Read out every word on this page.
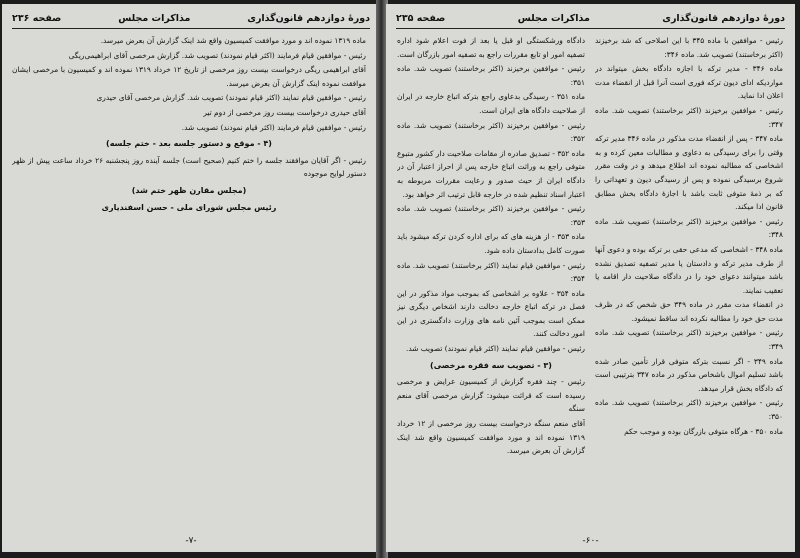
دورهٔ دوازدهم قانون‌گذاری
مذاکرات مجلس
صفحه ۲۳۶

ماده ۱۳۱۹ نموده اند و مورد موافقت کمیسیون واقع شد اینک گزارش آن بعرض میرسد.

رئیس - موافقین قیام فرمایند (اکثر قیام نمودند) تصویب شد. گزارش مرخصی آقای ابراهیمی‌ریگی

آقای ابراهیمی ریگی درخواست بیست روز مرخصی از تاریخ ۱۲ خرداد ۱۳۱۹ نموده اند و کمیسیون با مرخصی ایشان موافقت نموده اینک گزارش آن بعرض میرسد.

رئیس - موافقین قیام نمایند (اکثر قیام نمودند) تصویب شد. گزارش مرخصی آقای حیدری

آقای حیدری درخواست بیست روز مرخصی از دوم تیر

رئیس - موافقین قیام فرمایند (اکثر قیام نمودند) تصویب شد.

(۴ - موقع و دستور جلسه بعد - ختم جلسه)

رئیس - اگر آقایان موافقند جلسه را ختم کنیم (صحیح است) جلسه آینده روز پنجشنبه ۲۶ خرداد ساعت پیش از ظهر دستور لوایح موجوده

(مجلس مقارن ظهر ختم شد)

رئیس مجلس شورای ملی - حسن اسفندیاری

-۷-
دورهٔ دوازدهم قانون‌گذاری
مذاکرات مجلس
صفحه ۲۳۵

رئیس - موافقین با ماده ۳۴۵ با این اصلاحی که شد برخیزند (اکثر برخاستند) تصویب شد. ماده ۳۴۶:

ماده ۳۴۶ - مدیر ترکه با اجازه دادگاه بخش میتواند در مواردیکه ادای دیون ترکه فوری است آنرا قبل از انقضاء مدت اعلان ادا نماید.

رئیس - موافقین برخیزند (اکثر برخاستند) تصویب شد. ماده ۳۴۷:

ماده ۳۴۷ - پس از انقضاء مدت مذکور در ماده ۳۴۶ مدیر ترکه وقتی را برای رسیدگی به دعاوی و مطالبات معین کرده و به اشخاصی که مطالبه نموده اند اطلاع میدهد و در وقت مقرر شروع برسیدگی نموده و پس از رسیدگی دیون و تعهداتی را که بر ذمهٔ متوفی ثابت باشد با اجازهٔ دادگاه بخش مطابق قانون ادا میکند.

رئیس - موافقین برخیزند (اکثر برخاستند) تصویب شد. ماده ۳۴۸:

ماده ۳۴۸ - اشخاصی که مدعی حقی بر ترکه بوده و دعوی آنها از طرف مدیر ترکه و دادستان یا مدیر تصفیه تصدیق نشده باشد میتوانند دعوای خود را در دادگاه صلاحیت دار اقامه یا تعقیب نمایند.

در انقضاء مدت مقرر در ماده ۳۴۹ حق شخص که در ظرف مدت حق خود را مطالبه نکرده اند ساقط نمیشود.

رئیس - موافقین برخیزند (اکثر برخاستند) تصویب شد. ماده ۳۴۹:

ماده ۳۴۹ - اگر نسبت بترکه متوفی قرار تأمین صادر شده باشد تسلیم اموال باشخاص مذکور در ماده ۳۴۷ بترتیبی است که دادگاه بخش قرار میدهد.

رئیس - موافقین برخیزند (اکثر برخاستند) تصویب شد. ماده ۳۵۰:

ماده ۳۵۰ - هرگاه متوفی بازرگان بوده و موجب حکم

دادگاه ورشکستگی او قبل یا بعد از فوت اعلام شود اداره تصفیه امور او تابع مقررات راجع به تصفیه امور بازرگان است.

رئیس - موافقین برخیزند (اکثر برخاستند) تصویب شد. ماده ۳۵۱:

ماده ۳۵۱ - رسیدگی بدعاوی راجع بترکه اتباع خارجه در ایران از صلاحیت دادگاه های ایران است.

رئیس - موافقین برخیزند (اکثر برخاستند) تصویب شد. ماده ۳۵۲:

ماده ۳۵۲ - تصدیق صادره از مقامات صلاحیت دار کشور متبوع متوفی راجع به وراثت اتباع خارجه پس از احراز اعتبار آن در دادگاه ایران از حیث صدور و رعایت مقررات مربوطه به اعتبار اسناد تنظیم شده در خارجه قابل ترتیب اثر خواهد بود.

رئیس - موافقین برخیزند (اکثر برخاستند) تصویب شد. ماده ۳۵۳:

ماده ۳۵۳ - از هزینه های که برای اداره کردن ترکه میشود باید صورت کامل بدادستان داده شود.

رئیس - موافقین قیام نمایند (اکثر برخاستند) تصویب شد. ماده ۳۵۴:

ماده ۳۵۴ - علاوه بر اشخاصی که بموجب مواد مذکور در این فصل در ترکه اتباع خارجه دخالت دارند اشخاص دیگری نیز ممکن است بموجب آئین نامه های وزارت دادگستری در این امور دخالت کنند.

رئیس - موافقین قیام نمایند (اکثر قیام نمودند) تصویب شد.

(۳ - تصویب سه فقره مرخصی)

رئیس - چند فقره گزارش از کمیسیون عرایض و مرخصی رسیده است که قرائت میشود: گزارش مرخصی آقای منعم سنگه

آقای منعم سنگه درخواست بیست روز مرخصی از ۱۲ خرداد ۱۳۱۹ نموده اند و مورد موافقت کمیسیون واقع شد اینک گزارش آن بعرض میرسد.

-۶۰-
